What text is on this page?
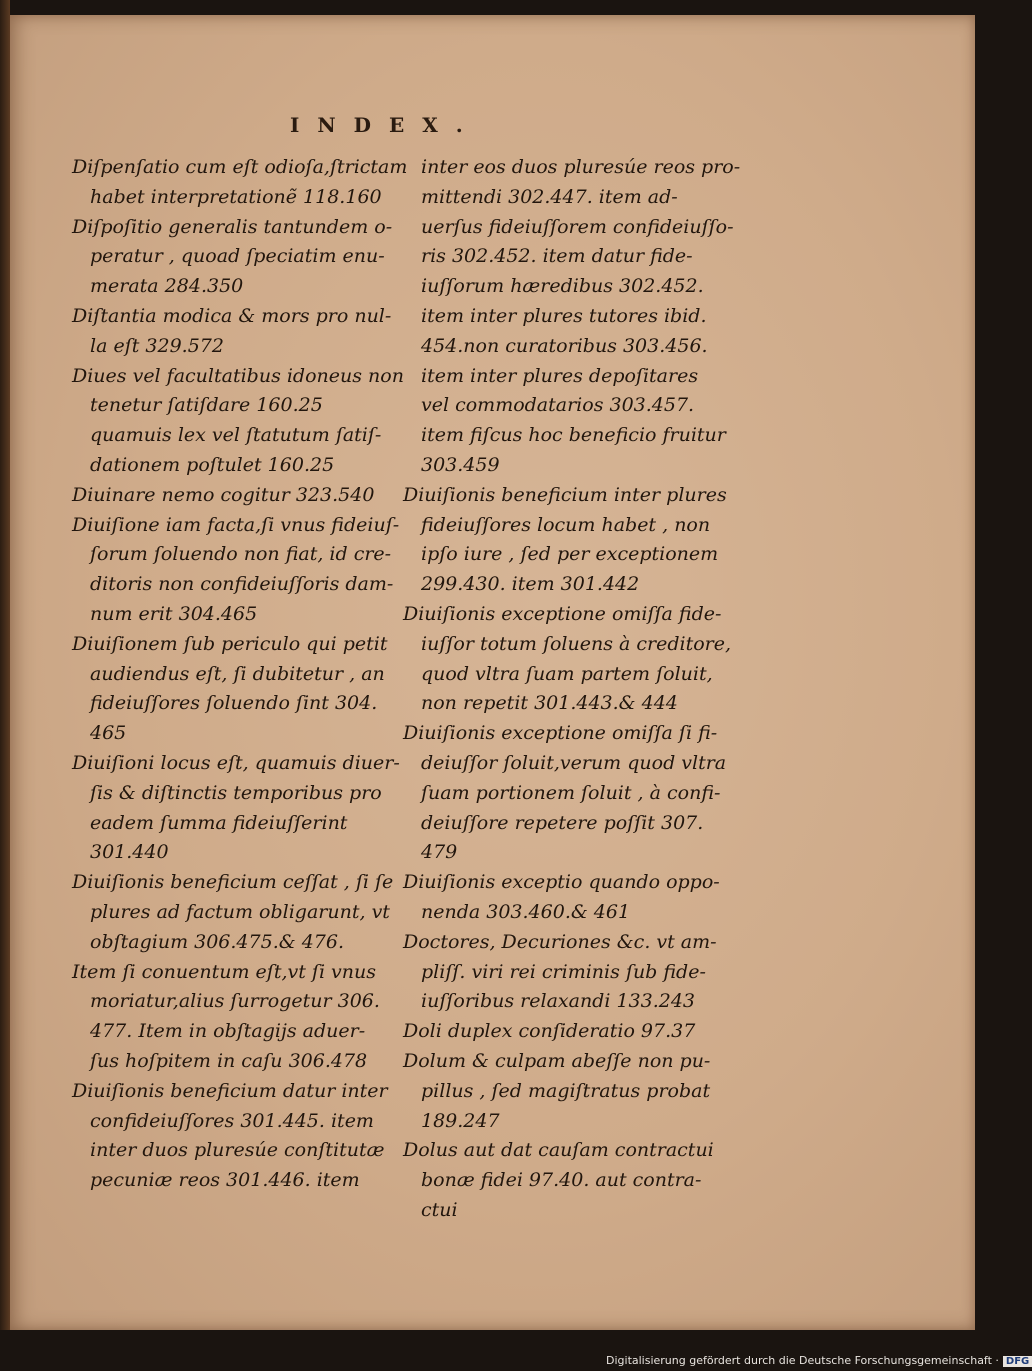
INDEX.
Diſpenſatio cum eſt odioſa,ſtrictam
habet interpretationẽ 118.160
Diſpoſitio generalis tantundem o-
peratur , quoad ſpeciatim enu-
merata 284.350
Diſtantia modica & mors pro nul-
la eſt 329.572
Diues vel facultatibus idoneus non
tenetur ſatiſdare 160.25
quamuis lex vel ſtatutum ſatiſ-
dationem poſtulet 160.25
Diuinare nemo cogitur 323.540
Diuiſione iam facta,ſi vnus fideiuſ-
ſorum ſoluendo non fiat, id cre-
ditoris non confideiuſſoris dam-
num erit 304.465
Diuiſionem ſub periculo qui petit
audiendus eſt, ſi dubitetur , an
fideiuſſores ſoluendo ſint 304.
465
Diuiſioni locus eſt, quamuis diuer-
ſis & diſtinctis temporibus pro
eadem ſumma fideiuſſerint
301.440
Diuiſionis beneficium ceſſat , ſi ſe
plures ad factum obligarunt, vt
obſtagium 306.475.& 476.
Item ſi conuentum eſt,vt ſi vnus
moriatur,alius ſurrogetur 306.
477. Item in obſtagijs aduer-
ſus hoſpitem in caſu 306.478
Diuiſionis beneficium datur inter
confideiuſſores 301.445. item
inter duos pluresúe conſtitutæ
pecuniæ reos 301.446. item
inter eos duos pluresúe reos pro-
mittendi 302.447. item ad-
uerſus fideiuſſorem confideiuſſo-
ris 302.452. item datur fide-
iuſſorum hæredibus 302.452.
item inter plures tutores ibid.
454.non curatoribus 303.456.
item inter plures depoſitares
vel commodatarios 303.457.
item fiſcus hoc beneficio fruitur
303.459
Diuiſionis beneficium inter plures
fideiuſſores locum habet , non
ipſo iure , ſed per exceptionem
299.430. item 301.442
Diuiſionis exceptione omiſſa fide-
iuſſor totum ſoluens à creditore,
quod vltra ſuam partem ſoluit,
non repetit 301.443.& 444
Diuiſionis exceptione omiſſa ſi fi-
deiuſſor ſoluit,verum quod vltra
ſuam portionem ſoluit , à confi-
deiuſſore repetere poſſit 307.
479
Diuiſionis exceptio quando oppo-
nenda 303.460.& 461
Doctores, Decuriones &c. vt am-
pliſſ. viri rei criminis ſub fide-
iuſſoribus relaxandi 133.243
Doli duplex conſideratio 97.37
Dolum & culpam abeſſe non pu-
pillus , ſed magiſtratus probat
189.247
Dolus aut dat cauſam contractui
bonæ fidei 97.40. aut contra-
ctui
Digitalisierung gefördert durch die Deutsche Forschungsgemeinschaft · DFG
